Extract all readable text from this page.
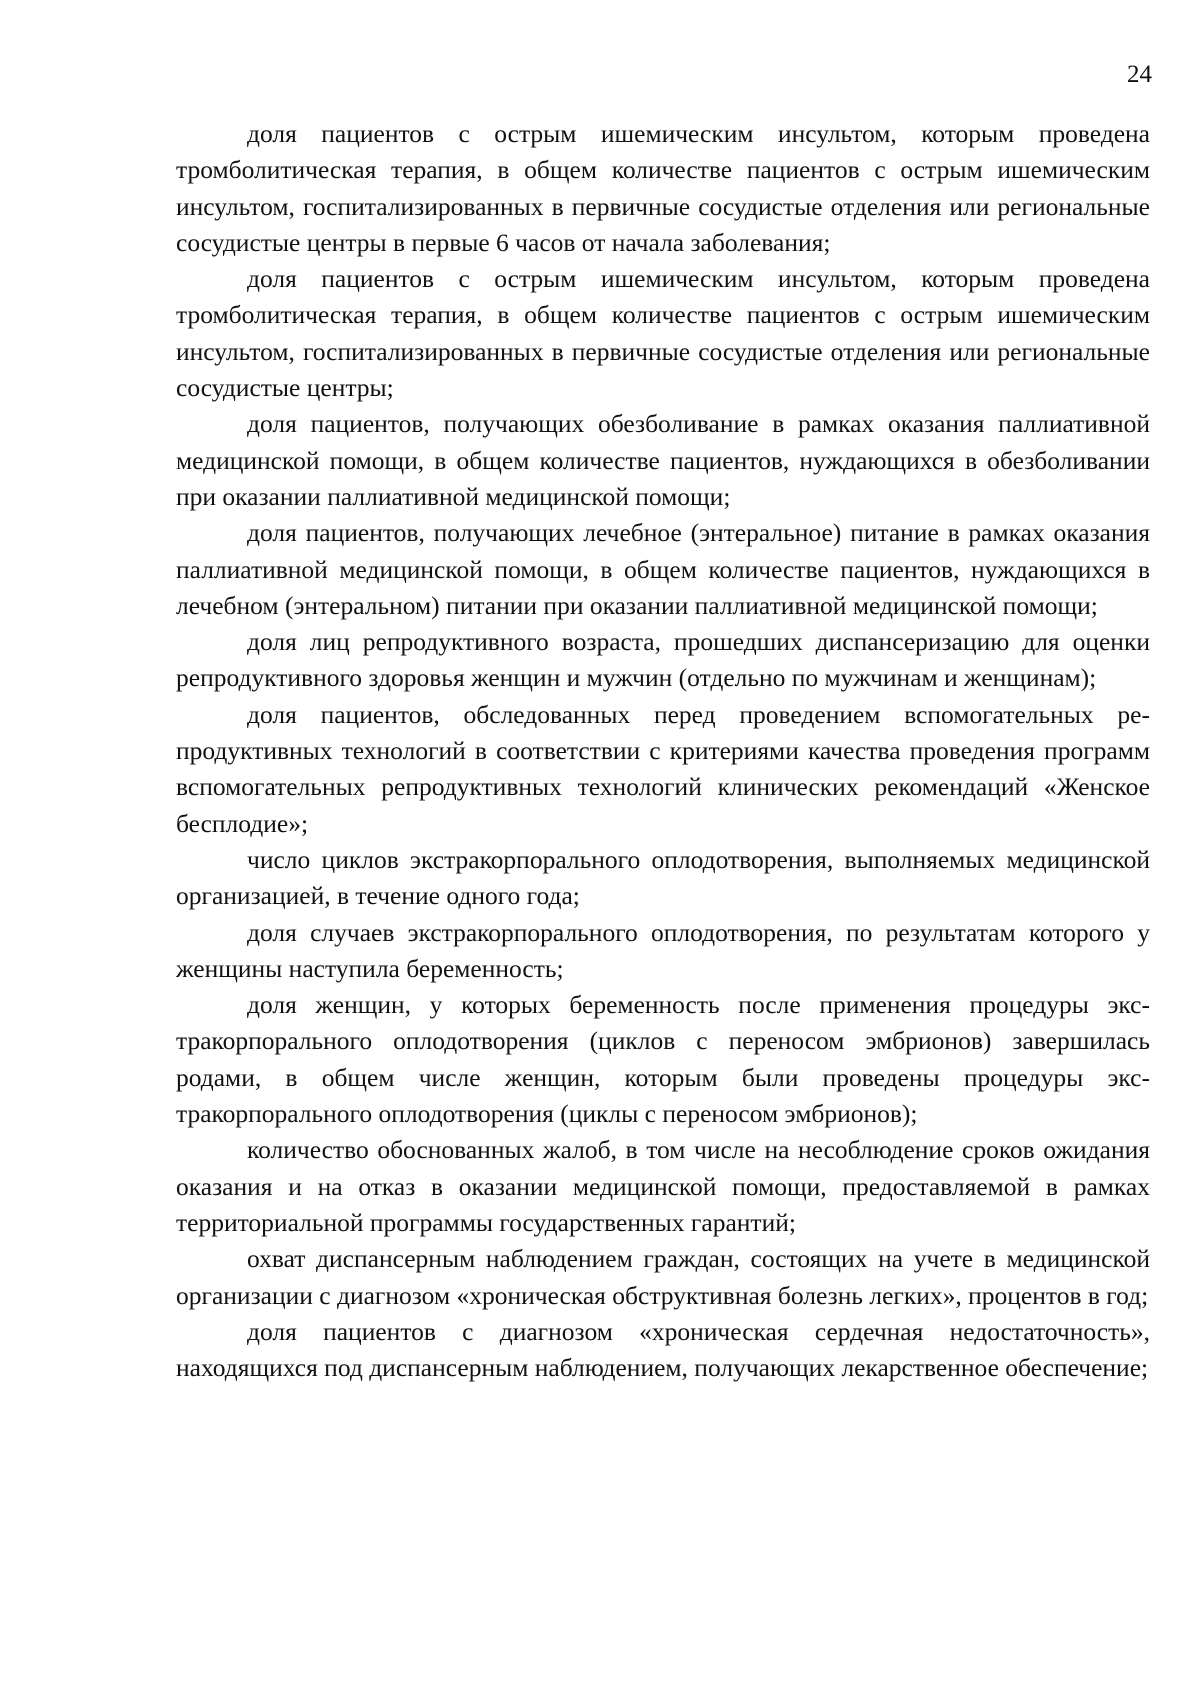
24

доля пациентов с острым ишемическим инсультом, которым проведена тромболитическая терапия, в общем количестве пациентов с острым ишемическим инсультом, госпитализированных в первичные сосудистые отделения или региональные сосудистые центры в первые 6 часов от начала заболевания;

доля пациентов с острым ишемическим инсультом, которым проведена тромболитическая терапия, в общем количестве пациентов с острым ишемическим инсультом, госпитализированных в первичные сосудистые отделения или региональные сосудистые центры;

доля пациентов, получающих обезболивание в рамках оказания паллиативной медицинской помощи, в общем количестве пациентов, нуждающихся в обезболивании при оказании паллиативной медицинской помощи;

доля пациентов, получающих лечебное (энтеральное) питание в рамках оказания паллиативной медицинской помощи, в общем количестве пациентов, нуждающихся в лечебном (энтеральном) питании при оказании паллиативной медицинской помощи;

доля лиц репродуктивного возраста, прошедших диспансеризацию для оценки репродуктивного здоровья женщин и мужчин (отдельно по мужчинам и женщинам);

доля пациентов, обследованных перед проведением вспомогательных репродуктивных технологий в соответствии с критериями качества проведения программ вспомогательных репродуктивных технологий клинических рекомендаций «Женское бесплодие»;

число циклов экстракорпорального оплодотворения, выполняемых медицинской организацией, в течение одного года;

доля случаев экстракорпорального оплодотворения, по результатам которого у женщины наступила беременность;

доля женщин, у которых беременность после применения процедуры экстракорпорального оплодотворения (циклов с переносом эмбрионов) завершилась родами, в общем числе женщин, которым были проведены процедуры экстракорпорального оплодотворения (циклы с переносом эмбрионов);

количество обоснованных жалоб, в том числе на несоблюдение сроков ожидания оказания и на отказ в оказании медицинской помощи, предоставляемой в рамках территориальной программы государственных гарантий;

охват диспансерным наблюдением граждан, состоящих на учете в медицинской организации с диагнозом «хроническая обструктивная болезнь легких», процентов в год;

доля пациентов с диагнозом «хроническая сердечная недостаточность», находящихся под диспансерным наблюдением, получающих лекарственное обеспечение;
